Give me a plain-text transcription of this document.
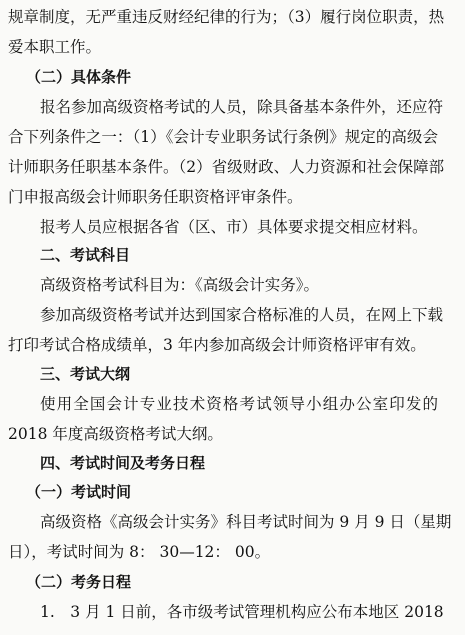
规章制度，无严重违反财经纪律的行为；（3）履行岗位职责，热
爱本职工作。
（二）具体条件
报名参加高级资格考试的人员，除具备基本条件外，还应符
合下列条件之一：（1）《会计专业职务试行条例》规定的高级会
计师职务任职基本条件。（2）省级财政、人力资源和社会保障部
门申报高级会计师职务任职资格评审条件。
报考人员应根据各省（区、市）具体要求提交相应材料。
二、考试科目
高级资格考试科目为：《高级会计实务》。
参加高级资格考试并达到国家合格标准的人员，在网上下载
打印考试合格成绩单，3 年内参加高级会计师资格评审有效。
三、考试大纲
使用全国会计专业技术资格考试领导小组办公室印发的
2018 年度高级资格考试大纲。
四、考试时间及考务日程
（一）考试时间
高级资格《高级会计实务》科目考试时间为 9 月 9 日（星期
日），考试时间为 8： 30—12： 00。
（二）考务日程
1.　3 月 1 日前，各市级考试管理机构应公布本地区 2018
